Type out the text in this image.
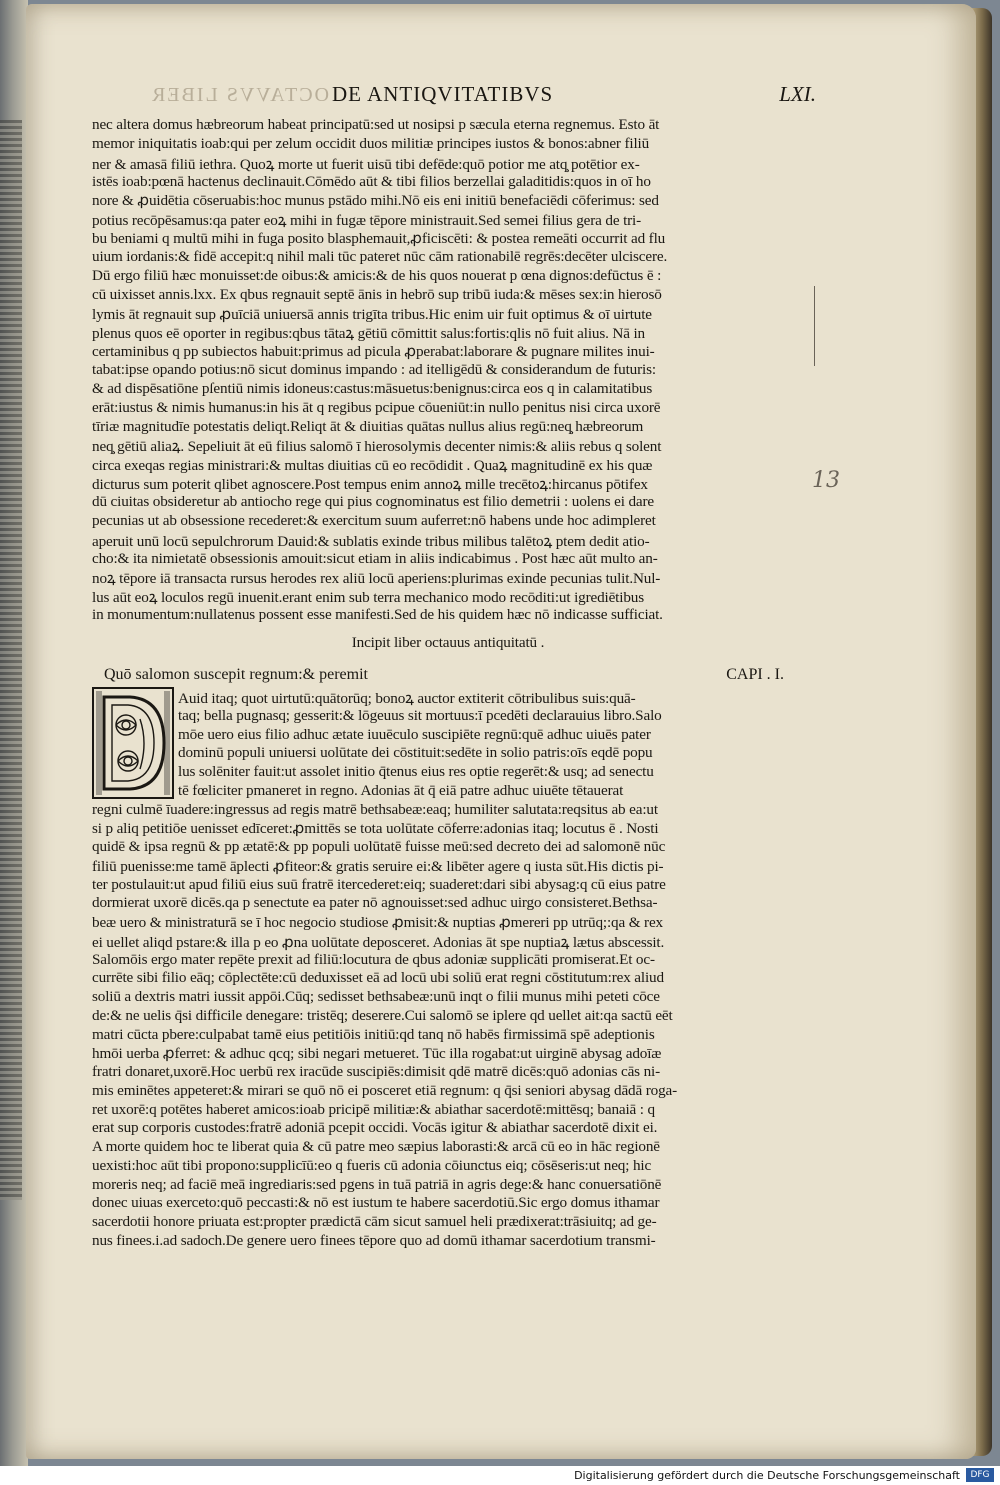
OCTAVVS LIBER DE ANTIQVITATIBVS	LXI.
nec altera domus hæbreorum habeat principatū:sed ut nosipsi p sæcula eterna regnemus. Esto āt
memor iniquitatis ioab:qui per zelum occidit duos militiæ principes iustos & bonos:abner filiū
ner & amasā filiū iethra. Quoꝝ morte ut fuerit uisū tibi defēde:quō potior me atq̧ potētior ex-
istēs ioab:pœnā hactenus declinauit.Cōmēdo aūt & tibi filios berzellai galaditidis:quos in oī ho
nore & ꝓuidētia cōseruabis:hoc munus pstādo mihi.Nō eis eni initiū benefaciēdi cōferimus: sed
potius recōpēsamus:qa pater eoꝝ mihi in fugæ tēpore ministrauit.Sed semei filius gera de tri-
bu beniami q multū mihi in fuga posito blasphemauit,ꝓficiscēti: & postea remeāti occurrit ad flu
uium iordanis:& fidē accepit:q nihil mali tūc pateret nūc cām rationabilē regrēs:decēter ulciscere.
Dū ergo filiū hæc monuisset:de oibus:& amicis:& de his quos nouerat p œna dignos:defūctus ē :
cū uixisset annis.lxx. Ex qbus regnauit septē ānis in hebrō sup tribū iuda:& mēses sex:in hierosō
lymis āt regnauit sup ꝓuīciā uniuersā annis trigīta tribus.Hic enim uir fuit optimus & oī uirtute
plenus quos eē oporter in regibus:qbus tātaꝝ gētiū cōmittit salus:fortis:qlis nō fuit alius. Nā in
certaminibus q pp subiectos habuit:primus ad picula ꝓperabat:laborare & pugnare milites inui-
tabat:ipse opando potius:nō sicut dominus impando : ad itelligēdū & considerandum de futuris:
& ad dispēsatiōne pſentiū nimis idoneus:castus:māsuetus:benignus:circa eos q in calamitatibus
erāt:iustus & nimis humanus:in his āt q regibus pcipue cōueniūt:in nullo penitus nisi circa uxorē
tīriæ magnitudīe potestatis deliqt.Reliqt āt & diuitias quātas nullus alius regū:neq̧ hæbreorum
neq̧ gētiū aliaꝝ. Sepeliuit āt eū filius salomō ī hierosolymis decenter nimis:& aliis rebus q solent
circa exeqas regias ministrari:& multas diuitias cū eo recōdidit . Quaꝝ magnitudinē ex his quæ
dicturus sum poterit qlibet agnoscere.Post tempus enim annoꝝ mille trecētoꝝ:hircanus pōtifex
dū ciuitas obsideretur ab antiocho rege qui pius cognominatus est filio demetrii : uolens ei dare
pecunias ut ab obsessione recederet:& exercitum suum auferret:nō habens unde hoc adimpleret
aperuit unū locū sepulchrorum Dauid:& sublatis exinde tribus milibus talētoꝝ ptem dedit atio-
cho:& ita nimietatē obsessionis amouit:sicut etiam in aliis indicabimus . Post hæc aūt multo an-
noꝝ tēpore iā transacta rursus herodes rex aliū locū aperiens:plurimas exinde pecunias tulit.Nul-
lus aūt eoꝝ loculos regū inuenit.erant enim sub terra mechanico modo recōditi:ut igrediētibus
in monumentum:nullatenus possent esse manifesti.Sed de his quidem hæc nō indicasse sufficiat.
Incipit liber octauus antiquitatū .
Quō salomon suscepit regnum:& peremit	CAPI . I.
Auid itaq; quot uirtutū:quātorūq; bonoꝝ auctor extiterit cōtribulibus suis:quā-
taq; bella pugnasq; gesserit:& lōgeuus sit mortuus:ī pcedēti declarauius libro.Salo
mōe uero eius filio adhuc ætate iuuēculo suscipiēte regnū:quē adhuc uiuēs pater
dominū populi uniuersi uolūtate dei cōstituit:sedēte in solio patris:oīs eqdē popu
lus solēniter fauit:ut assolet initio q̄tenus eius res optie regerēt:& usq; ad senectu
tē fœliciter pmaneret in regno. Adonias āt q̄ eiā patre adhuc uiuēte tētauerat
regni culmē īuadere:ingressus ad regis matrē bethsabeæ:eaq; humiliter salutata:reqsitus ab ea:ut
si p aliq petitiōe uenisset edīceret:ꝓmittēs se tota uolūtate cōferre:adonias itaq; locutus ē . Nosti
quidē & ipsa regnū & pp ætatē:& pp populi uolūtatē fuisse meū:sed decreto dei ad salomonē nūc
filiū puenisse:me tamē āplecti ꝓfiteor:& gratis seruire ei:& libēter agere q iusta sūt.His dictis pi-
ter postulauit:ut apud filiū eius suū fratrē itercederet:eiq; suaderet:dari sibi abysag:q cū eius patre
dormierat uxorē dicēs.qa p senectute ea pater nō agnouisset:sed adhuc uirgo consisteret.Bethsa-
beæ uero & ministraturā se ī hoc negocio studiose ꝓmisit:& nuptias ꝓmereri pp utrūq;:qa & rex
ei uellet aliqd pstare:& illa p eo ꝓna uolūtate deposceret. Adonias āt spe nuptiaꝝ lætus abscessit.
Salomōis ergo mater repēte prexit ad filiū:locutura de qbus adoniæ supplicāti promiserat.Et oc-
currēte sibi filio eāq; cōplectēte:cū deduxisset eā ad locū ubi soliū erat regni cōstitutum:rex aliud
soliū a dextris matri iussit appōi.Cūq; sedisset bethsabeæ:unū inqt o filii munus mihi peteti cōce
de:& ne uelis q̄si difficile denegare: tristēq; deserere.Cui salomō se iplere qd uellet ait:qa sactū eēt
matri cūcta pbere:culpabat tamē eius petitiōis initiū:qd tanq nō habēs firmissimā spē adeptionis
hmōi uerba ꝓferret: & adhuc qcq; sibi negari metueret. Tūc illa rogabat:ut uirginē abysag adoīæ
fratri donaret,uxorē.Hoc uerbū rex iracūde suscipiēs:dimisit qdē matrē dicēs:quō adonias cās ni-
mis eminētes appeteret:& mirari se quō nō ei posceret etiā regnum: q q̄si seniori abysag dādā roga-
ret uxorē:q potētes haberet amicos:ioab pricipē militiæ:& abiathar sacerdotē:mittēsq; banaiā : q
erat sup corporis custodes:fratrē adoniā pcepit occidi. Vocās igitur & abiathar sacerdotē dixit ei.
A morte quidem hoc te liberat quia & cū patre meo sæpius laborasti:& arcā cū eo in hāc regionē
uexisti:hoc aūt tibi propono:supplicīū:eo q fueris cū adonia cōiunctus eiq; cōsēseris:ut neq; hic
moreris neq; ad faciē meā ingrediaris:sed pgens in tuā patriā in agris dege:& hanc conuersatiōnē
donec uiuas exerceto:quō peccasti:& nō est iustum te habere sacerdotiū.Sic ergo domus ithamar
sacerdotii honore priuata est:propter prædictā cām sicut samuel heli prædixerat:trāsiuitq; ad ge-
nus finees.i.ad sadoch.De genere uero finees tēpore quo ad domū ithamar sacerdotium transmi-
13
Digitalisierung gefördert durch die Deutsche Forschungsgemeinschaft	DFG
